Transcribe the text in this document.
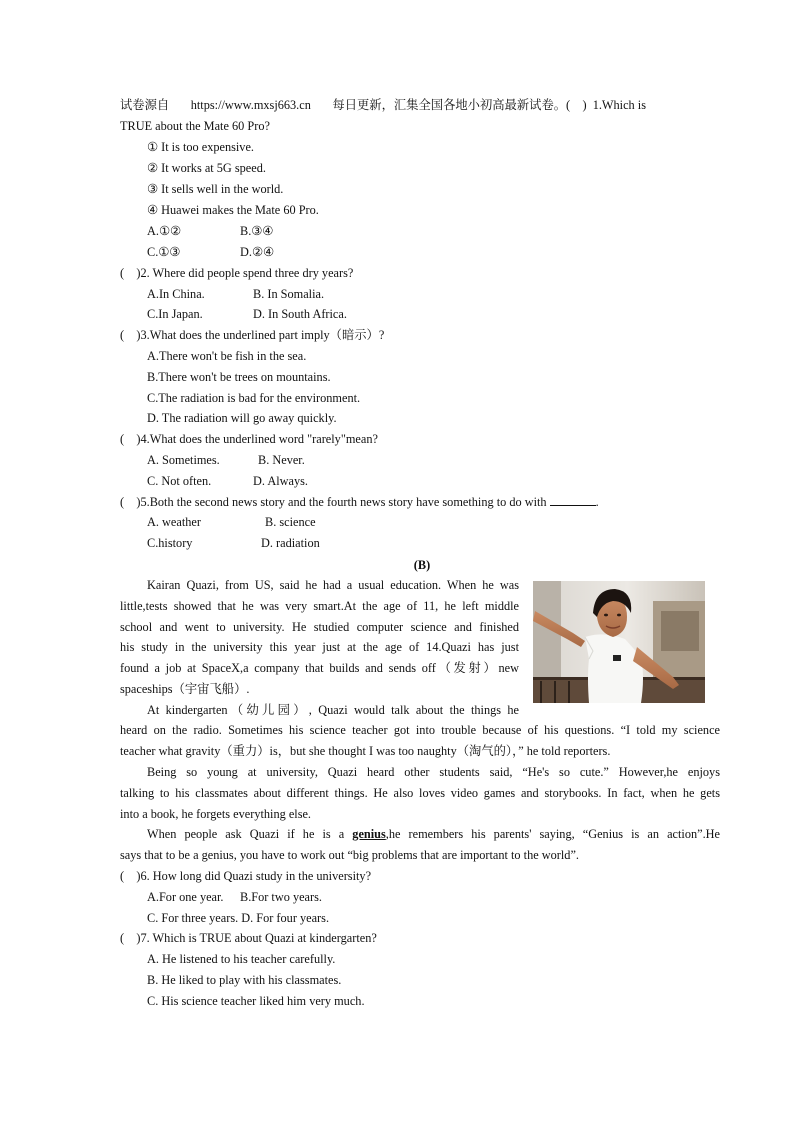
试卷源自 https://www.mxsj663.cn 每日更新，汇集全国各地小初高最新试卷。(　) 1.Which is
TRUE about the Mate 60 Pro?
① It is too expensive.
② It works at 5G speed.
③ It sells well in the world.
④ Huawei makes the Mate 60 Pro.
A.①②	B.③④
C.①③	D.②④
(　)2. Where did people spend three dry years?
A.In China.	B. In Somalia.
C.In Japan.	D. In South Africa.
(　)3.What does the underlined part imply（暗示）?
A.There won't be fish in the sea.
B.There won't be trees on mountains.
C.The radiation is bad for the environment.
D. The radiation will go away quickly.
(　)4.What does the underlined word "rarely"mean?
A. Sometimes.	B. Never.
C. Not often.	D. Always.
(　)5.Both the second news story and the fourth news story have something to do with	.
A. weather	B. science
C.history	D. radiation
(B)
Kairan Quazi, from US, said he had a usual education. When he was
little,tests showed that he was very smart.At the age of 11, he left middle
school and went to university. He studied computer science and finished
his study in the university this year just at the age of 14.Quazi has just
found a job at SpaceX,a company that builds and sends off（发射）new
spaceships（宇宙飞船）.
At kindergarten（幼儿园）, Quazi would talk about the things he
heard on the radio. Sometimes his science teacher got into trouble because of his questions. “I told my science
teacher what gravity（重力）is，but she thought I was too naughty（淘气的），” he told reporters.
Being so young at university, Quazi heard other students said, “He's so cute.” However,he enjoys
talking to his classmates about different things. He also loves video games and storybooks. In fact, when he gets
into a book, he forgets everything else.
When people ask Quazi if he is a genius,he remembers his parents' saying, “Genius is an action”.He
says that to be a genius, you have to work out “big problems that are important to the world”.
(　)6. How long did Quazi study in the university?
A.For one year. B.For two years.
C. For three years. D. For four years.
(　)7. Which is TRUE about Quazi at kindergarten?
A. He listened to his teacher carefully.
B. He liked to play with his classmates.
C. His science teacher liked him very much.
